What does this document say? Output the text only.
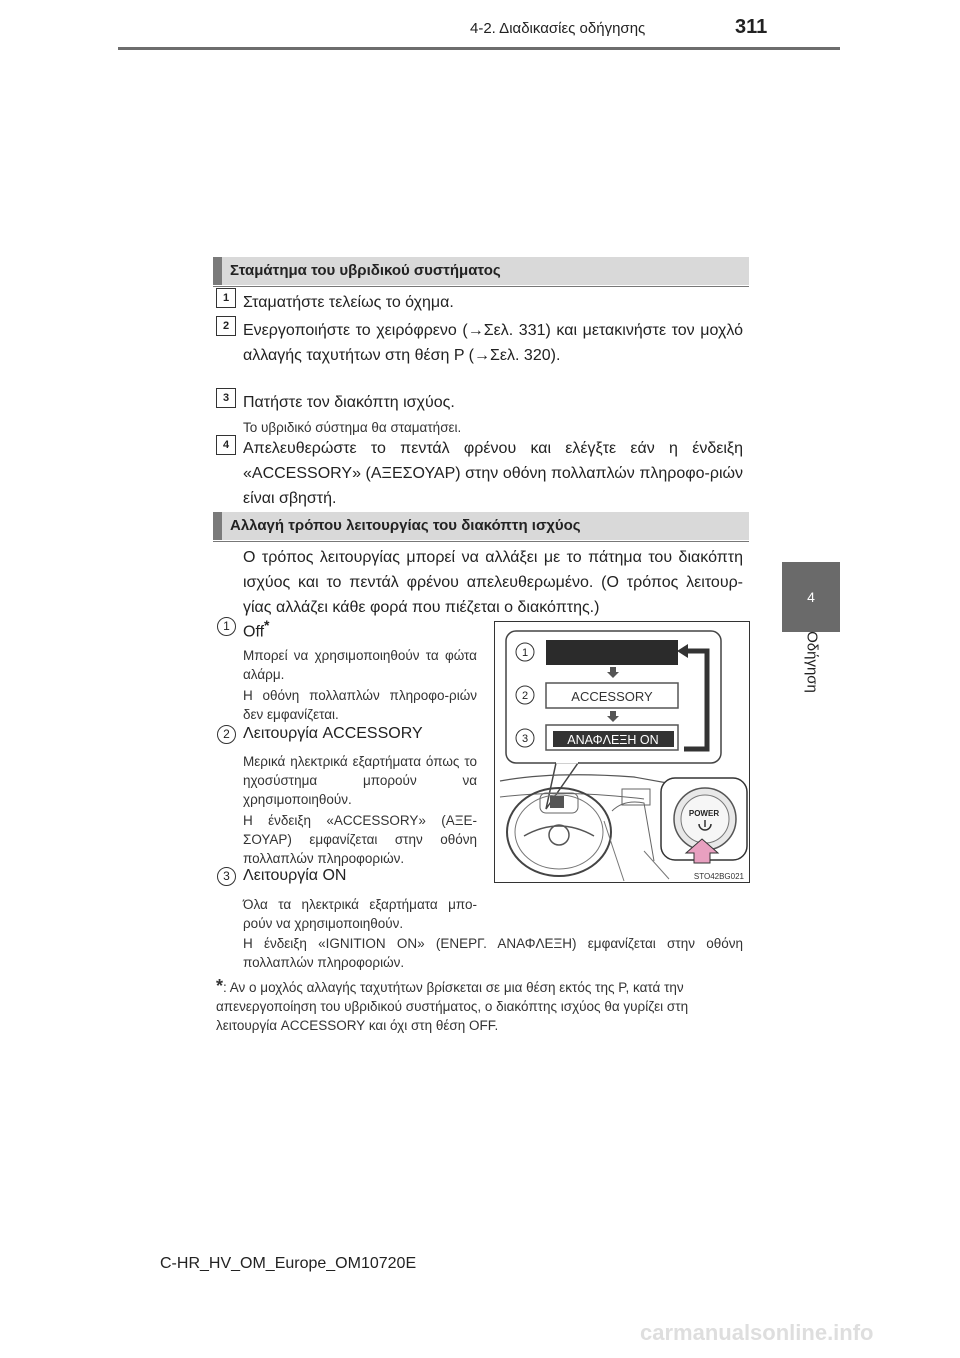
4-2. Διαδικασίες οδήγησης	311
4
Οδήγηση
Σταμάτημα του υβριδικού συστήματος
1 Σταματήστε τελείως το όχημα.
2 Ενεργοποιήστε το χειρόφρενο (→Σελ. 331) και μετακινήστε τον μοχλό αλλαγής ταχυτήτων στη θέση P (→Σελ. 320).
3 Πατήστε τον διακόπτη ισχύος.
Το υβριδικό σύστημα θα σταματήσει.
4 Απελευθερώστε το πεντάλ φρένου και ελέγξτε εάν η ένδειξη «ACCESSORY» (ΑΞΕΣΟΥΑΡ) στην οθόνη πολλαπλών πληροφο-ριών είναι σβηστή.
Αλλαγή τρόπου λειτουργίας του διακόπτη ισχύος
Ο τρόπος λειτουργίας μπορεί να αλλάξει με το πάτημα του διακόπτη ισχύος και το πεντάλ φρένου απελευθερωμένο. (Ο τρόπος λειτουρ-γίας αλλάζει κάθε φορά που πιέζεται ο διακόπτης.)
1 Off*
Μπορεί να χρησιμοποιηθούν τα φώτα αλάρμ.
Η οθόνη πολλαπλών πληροφο-ριών δεν εμφανίζεται.
2 Λειτουργία ACCESSORY
Μερικά ηλεκτρικά εξαρτήματα όπως το ηχοσύστημα μπορούν να χρησιμοποιηθούν.
Η ένδειξη «ACCESSORY» (ΑΞΕ-ΣΟΥΑΡ) εμφανίζεται στην οθόνη πολλαπλών πληροφοριών.
3 Λειτουργία ON
Όλα τα ηλεκτρικά εξαρτήματα μπο-ρούν να χρησιμοποιηθούν.
Η ένδειξη «IGNITION ON» (ΕΝΕΡΓ. ΑΝΑΦΛΕΞΗ) εμφανίζεται στην οθόνη πολλαπλών πληροφοριών.
*: Αν ο μοχλός αλλαγής ταχυτήτων βρίσκεται σε μια θέση εκτός της P, κατά την απενεργοποίηση του υβριδικού συστήματος, ο διακόπτης ισχύος θα γυρίζει στη λειτουργία ACCESSORY και όχι στη θέση OFF.
1
2
3
ACCESSORY
ΑΝΑΦΛΕΞΗ ON
POWER
STO42BG021
C-HR_HV_OM_Europe_OM10720E
carmanualsonline.info
